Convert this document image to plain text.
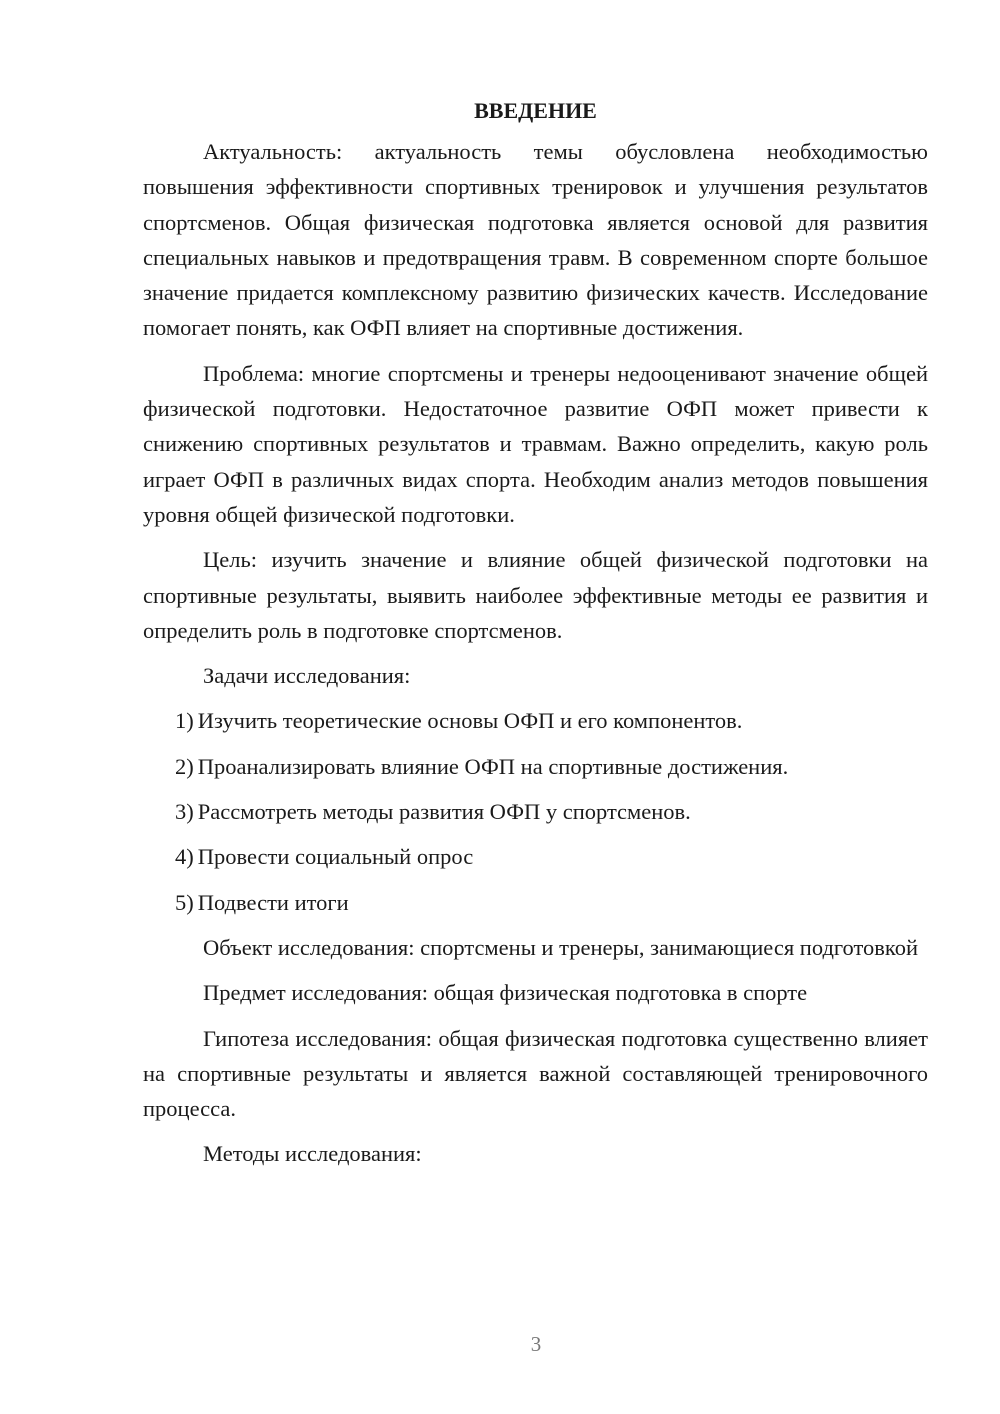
ВВЕДЕНИЕ

Актуальность: актуальность темы обусловлена необходимостью повышения эффективности спортивных тренировок и улучшения результатов спортсменов. Общая физическая подготовка является основой для развития специальных навыков и предотвращения травм. В современном спорте большое значение придается комплексному развитию физических качеств. Исследование помогает понять, как ОФП влияет на спортивные достижения.

Проблема: многие спортсмены и тренеры недооценивают значение общей физической подготовки. Недостаточное развитие ОФП может привести к снижению спортивных результатов и травмам. Важно определить, какую роль играет ОФП в различных видах спорта. Необходим анализ методов повышения уровня общей физической подготовки.

Цель: изучить значение и влияние общей физической подготовки на спортивные результаты, выявить наиболее эффективные методы ее развития и определить роль в подготовке спортсменов.

Задачи исследования:

1) Изучить теоретические основы ОФП и его компонентов.
2) Проанализировать влияние ОФП на спортивные достижения.
3) Рассмотреть методы развития ОФП у спортсменов.
4) Провести социальный опрос
5) Подвести итоги

Объект исследования: спортсмены и тренеры, занимающиеся подготовкой

Предмет исследования: общая физическая подготовка в спорте

Гипотеза исследования: общая физическая подготовка существенно влияет на спортивные результаты и является важной составляющей тренировочного процесса.

Методы исследования:

3
